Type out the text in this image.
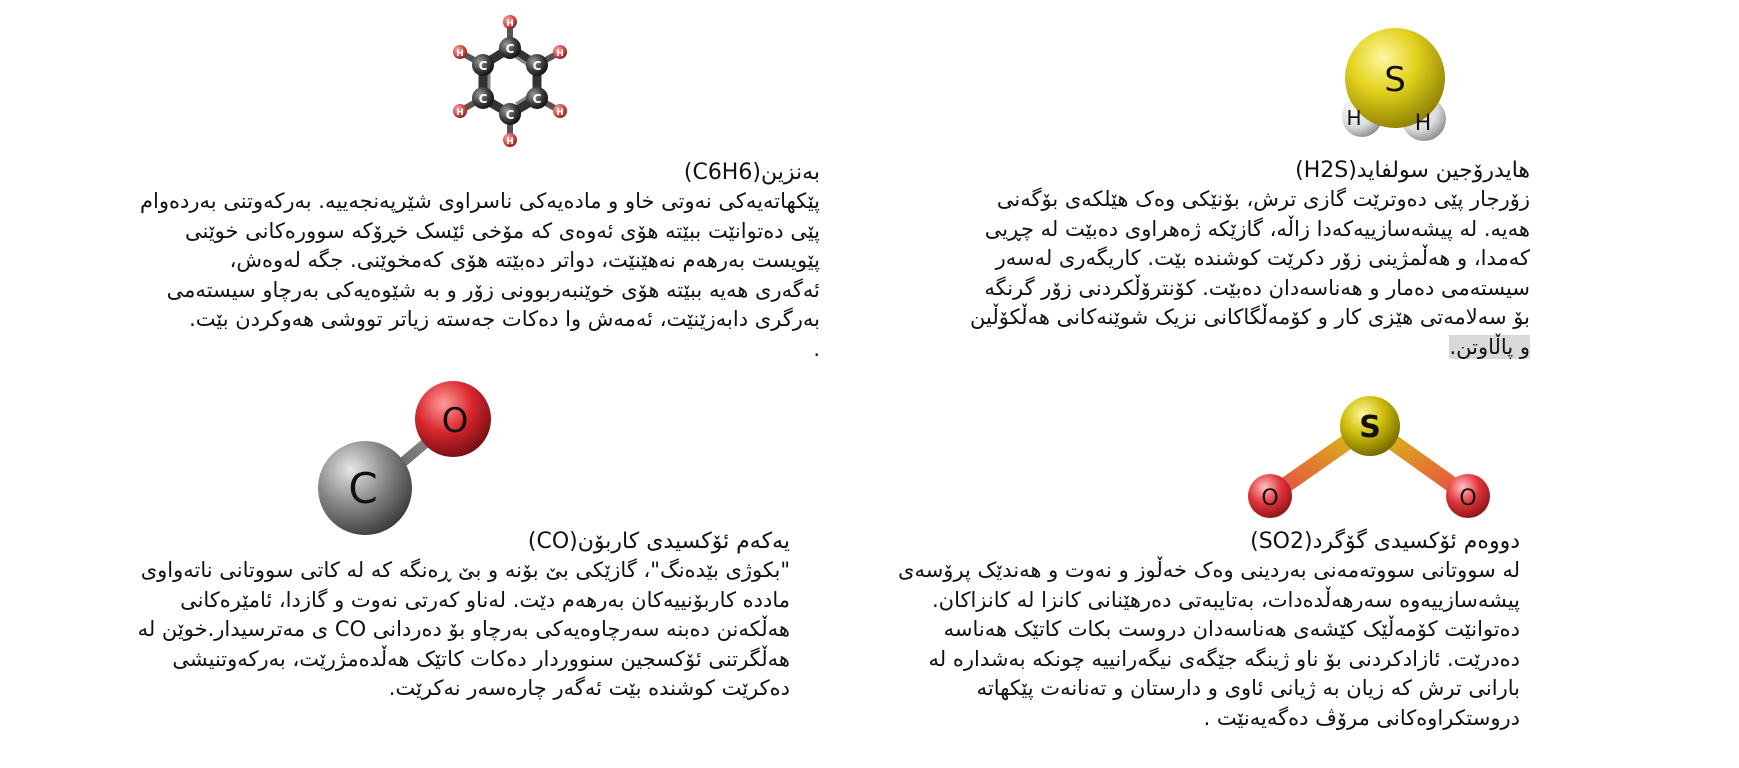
C
C
C
C
C
C
H
H
H
H
H
H
بەنزین(C6H6)
پێکهاتەیەکی نەوتی خاو و مادەیەکی ناسراوی شێرپەنجەییە. بەرکەوتنی بەردەوام
پێی دەتوانێت ببێتە هۆی ئەوەی کە مۆخی ئێسک خڕۆکە سوورەکانی خوێنی
پێویست بەرهەم نەهێنێت، دواتر دەبێتە هۆی کەمخوێنی. جگە لەوەش،
ئەگەری هەیە ببێتە هۆی خوێنبەربوونی زۆر و بە شێوەیەکی بەرچاو سیستەمی
بەرگری دابەزێنێت، ئەمەش وا دەکات جەستە زیاتر تووشی هەوکردن بێت.
.
S
H H
هایدرۆجین سولفاید(H2S)
زۆرجار پێی دەوترێت گازی ترش، بۆنێکی وەک هێلکەی بۆگەنی
هەیە. لە پیشەسازییەکەدا زاڵە، گازێکە ژەهراوی دەبێت لە چڕیی
کەمدا، و هەڵمژینی زۆر دکرێت کوشندە بێت. کاریگەری لەسەر
سیستەمی دەمار و هەناسەدان دەبێت. کۆنترۆڵکردنی زۆر گرنگە
بۆ سەلامەتی هێزی کار و کۆمەڵگاکانی نزیک شوێنەکانی هەڵکۆڵین
و پاڵاوتن.
O
C
یەکەم ئۆکسیدی کاربۆن(CO)
"بکوژی بێدەنگ"، گازێکی بێ بۆنە و بێ ڕەنگە کە لە کاتی سووتانی ناتەواوی
مادده کاربۆنییەکان بەرهەم دێت. لەناو کەرتی نەوت و گازدا، ئامێرەکانی
هەڵکەنن دەبنە سەرچاوەیەکی بەرچاو بۆ دەردانی CO ی مەترسیدار.خوێن لە
هەڵگرتنی ئۆکسجین سنووردار دەکات کاتێک هەڵدەمژرێت، بەرکەوتنیشی
دەکرێت کوشندە بێت ئەگەر چارەسەر نەکرێت.
S
O	O
دووەم ئۆکسیدی گۆگرد(SO2)
لە سووتانی سووتەمەنی بەردینی وەک خەڵوز و نەوت و هەندێک پرۆسەی
پیشەسازییەوە سەرهەڵدەدات، بەتایبەتی دەرهێنانی کانزا لە کانزاکان.
دەتوانێت کۆمەڵێک کێشەی هەناسەدان دروست بکات کاتێک هەناسە
دەدرێت. ئازادکردنی بۆ ناو ژینگە جێگەی نیگەرانییە چونکە بەشدارە لە
بارانی ترش کە زیان بە ژیانی ئاوی و دارستان و تەنانەت پێکهاتە
دروستکراوەکانی مرۆڤ دەگەیەنێت .
